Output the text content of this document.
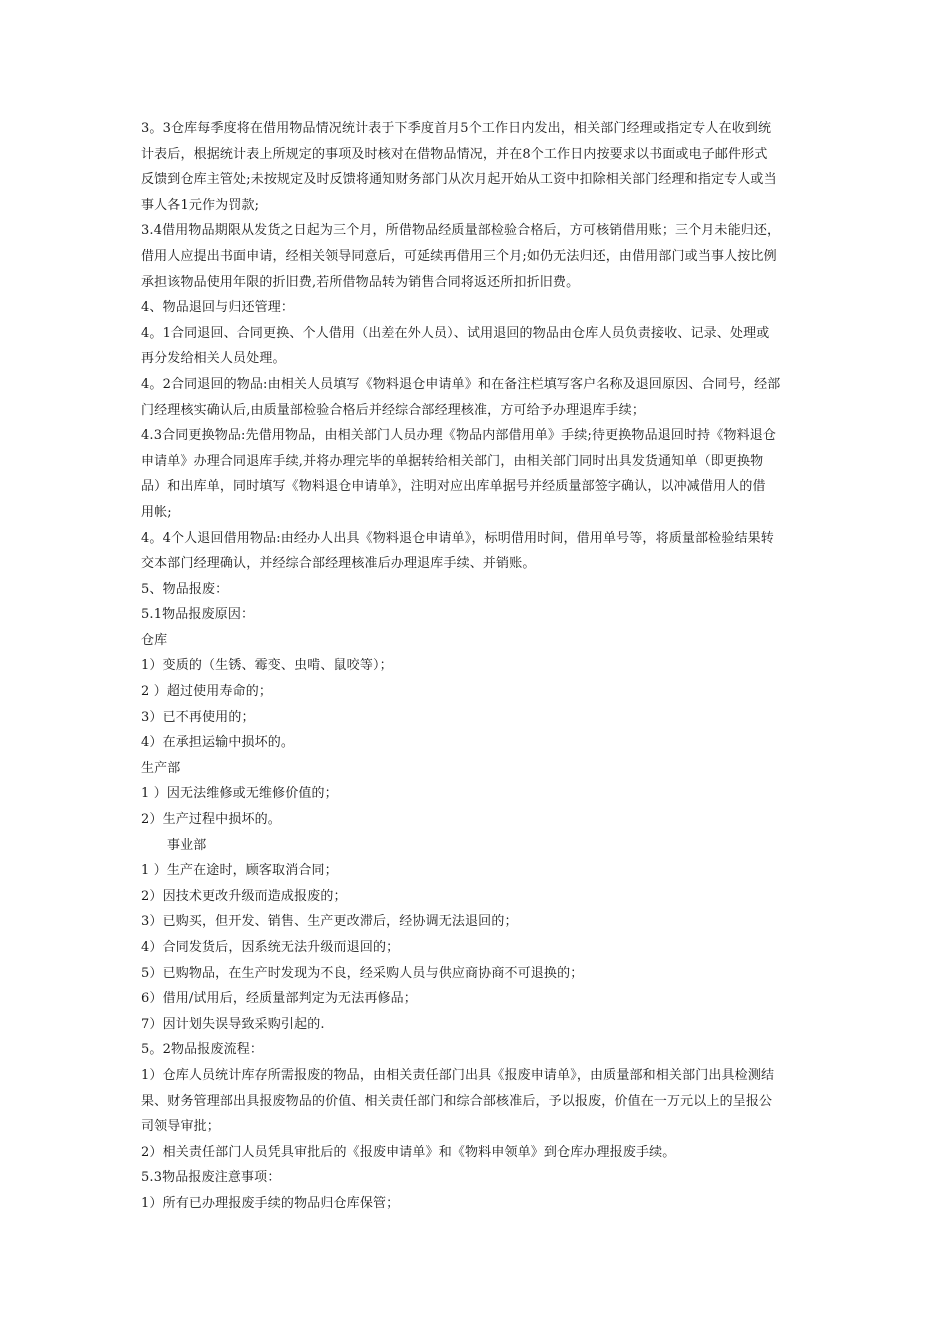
3。3仓库每季度将在借用物品情况统计表于下季度首月5个工作日内发出，相关部门经理或指定专人在收到统
计表后，根据统计表上所规定的事项及时核对在借物品情况，并在8个工作日内按要求以书面或电子邮件形式
反馈到仓库主管处;未按规定及时反馈将通知财务部门从次月起开始从工资中扣除相关部门经理和指定专人或当
事人各1元作为罚款;
3.4借用物品期限从发货之日起为三个月，所借物品经质量部检验合格后，方可核销借用账；三个月未能归还，
借用人应提出书面申请，经相关领导同意后，可延续再借用三个月;如仍无法归还，由借用部门或当事人按比例
承担该物品使用年限的折旧费,若所借物品转为销售合同将返还所扣折旧费。
4、物品退回与归还管理：
4。1合同退回、合同更换、个人借用（出差在外人员）、试用退回的物品由仓库人员负责接收、记录、处理或
再分发给相关人员处理。
4。2合同退回的物品:由相关人员填写《物料退仓申请单》和在备注栏填写客户名称及退回原因、合同号，经部
门经理核实确认后,由质量部检验合格后并经综合部经理核准，方可给予办理退库手续；
4.3合同更换物品:先借用物品，由相关部门人员办理《物品内部借用单》手续;待更换物品退回时持《物料退仓
申请单》办理合同退库手续,并将办理完毕的单据转给相关部门，由相关部门同时出具发货通知单（即更换物
品）和出库单，同时填写《物料退仓申请单》，注明对应出库单据号并经质量部签字确认，以冲减借用人的借
用帐;
4。4个人退回借用物品:由经办人出具《物料退仓申请单》，标明借用时间，借用单号等，将质量部检验结果转
交本部门经理确认，并经综合部经理核准后办理退库手续、并销账。
5、物品报废：
5.1物品报废原因：
仓库
1）变质的（生锈、霉变、虫啃、鼠咬等）；
2 ）超过使用寿命的；
3）已不再使用的；
4）在承担运输中损坏的。
生产部
1 ）因无法维修或无维修价值的；
2）生产过程中损坏的。
事业部
1 ）生产在途时，顾客取消合同；
2）因技术更改升级而造成报废的；
3）已购买，但开发、销售、生产更改滞后，经协调无法退回的；
4）合同发货后，因系统无法升级而退回的；
5）已购物品，在生产时发现为不良，经采购人员与供应商协商不可退换的；
6）借用/试用后，经质量部判定为无法再修品；
7）因计划失误导致采购引起的.
5。2物品报废流程：
1）仓库人员统计库存所需报废的物品，由相关责任部门出具《报废申请单》，由质量部和相关部门出具检测结
果、财务管理部出具报废物品的价值、相关责任部门和综合部核准后，予以报废，价值在一万元以上的呈报公
司领导审批；
2）相关责任部门人员凭具审批后的《报废申请单》和《物料申领单》到仓库办理报废手续。
5.3物品报废注意事项：
1）所有已办理报废手续的物品归仓库保管；
